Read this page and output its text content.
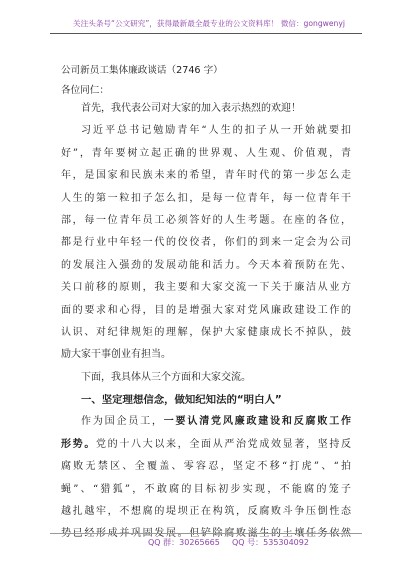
关注头条号“公文研究”，获得最新最全最专业的公文资料库！ 微信：gongwenyj
公司新员工集体廉政谈话（2746 字）
各位同仁：
首先，我代表公司对大家的加入表示热烈的欢迎！
习近平总书记勉励青年“人生的扣子从一开始就要扣
好”，青年要树立起正确的世界观、人生观、价值观，青
年，是国家和民族未来的希望，青年时代的第一步怎么走
人生的第一粒扣子怎么扣，是每一位青年，每一位青年干
部，每一位青年员工必须答好的人生考题。在座的各位，
都是行业中年轻一代的佼佼者，你们的到来一定会为公司
的发展注入强劲的发展动能和活力。今天本着预防在先、
关口前移的原则，我主要和大家交流一下关于廉洁从业方
面的要求和心得，目的是增强大家对党风廉政建设工作的
认识、对纪律规矩的理解，保护大家健康成长不掉队，鼓
励大家干事创业有担当。
下面，我具体从三个方面和大家交流。
一、坚定理想信念，做知纪知法的“明白人”
作为国企员工，一要认清党风廉政建设和反腐败工作
形势。党的十八大以来，全面从严治党成效显著，坚持反
腐败无禁区、全覆盖、零容忍，坚定不移“打虎”、“拍
蝇”、“猎狐”，不敢腐的目标初步实现，不能腐的笼子
越扎越牢，不想腐的堤坝正在构筑，反腐败斗争压倒性态
势已经形成并巩固发展。但铲除腐败滋生的土壤任务依然
QQ 群：30265665 QQ 号：535304092
